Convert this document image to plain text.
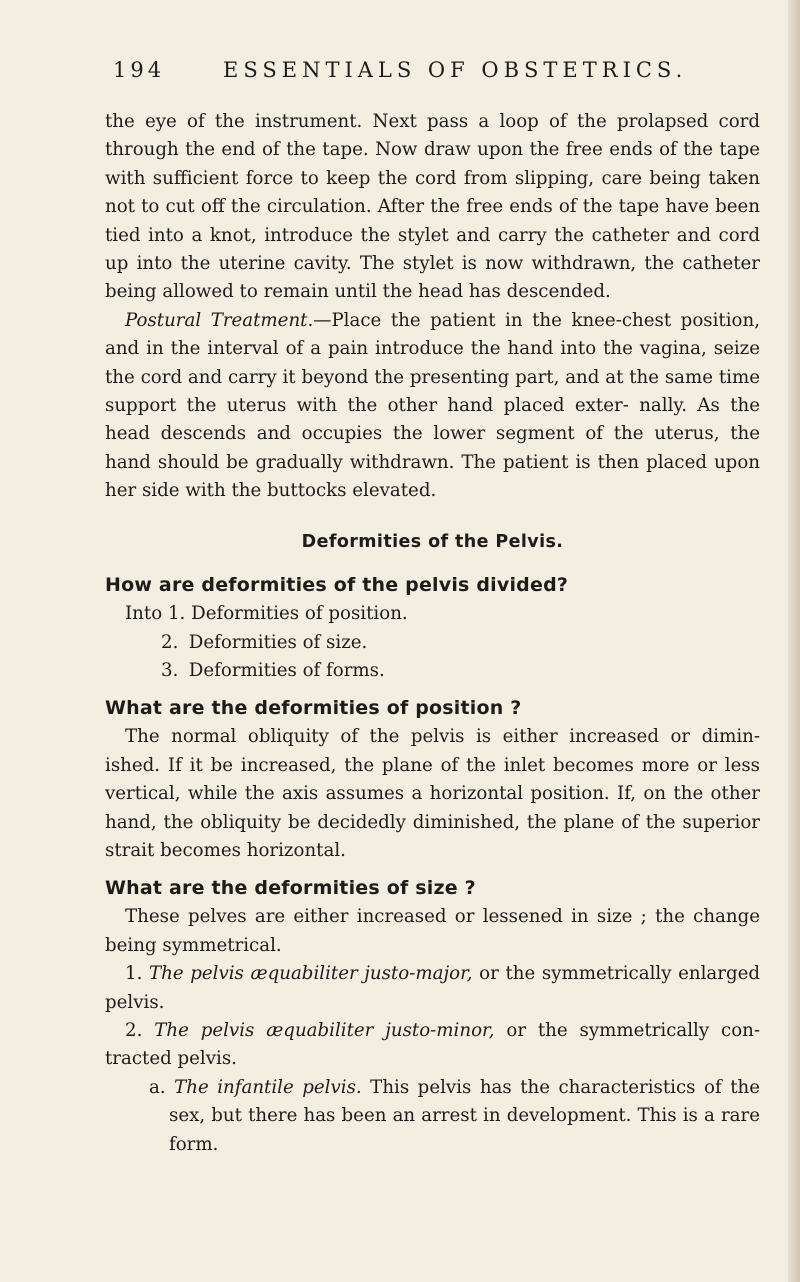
194	ESSENTIALS OF OBSTETRICS.

the eye of the instrument. Next pass a loop of the prolapsed cord through the end of the tape. Now draw upon the free ends of the tape with sufficient force to keep the cord from slipping, care being taken not to cut off the circulation. After the free ends of the tape have been tied into a knot, introduce the stylet and carry the catheter and cord up into the uterine cavity. The stylet is now withdrawn, the catheter being allowed to remain until the head has descended.

Postural Treatment.—Place the patient in the knee-chest position, and in the interval of a pain introduce the hand into the vagina, seize the cord and carry it beyond the presenting part, and at the same time support the uterus with the other hand placed exter- nally. As the head descends and occupies the lower segment of the uterus, the hand should be gradually withdrawn. The patient is then placed upon her side with the buttocks elevated.

Deformities of the Pelvis.
How are deformities of the pelvis divided?
Into 1. Deformities of position.
2. Deformities of size.
3. Deformities of forms.
What are the deformities of position ?

The normal obliquity of the pelvis is either increased or dimin- ished. If it be increased, the plane of the inlet becomes more or less vertical, while the axis assumes a horizontal position. If, on the other hand, the obliquity be decidedly diminished, the plane of the superior strait becomes horizontal.

What are the deformities of size ?

These pelves are either increased or lessened in size ; the change being symmetrical.

1. The pelvis æquabiliter justo-major, or the symmetrically enlarged pelvis.

2. The pelvis æquabiliter justo-minor, or the symmetrically con- tracted pelvis.

a. The infantile pelvis. This pelvis has the characteristics of the sex, but there has been an arrest in development. This is a rare form.
